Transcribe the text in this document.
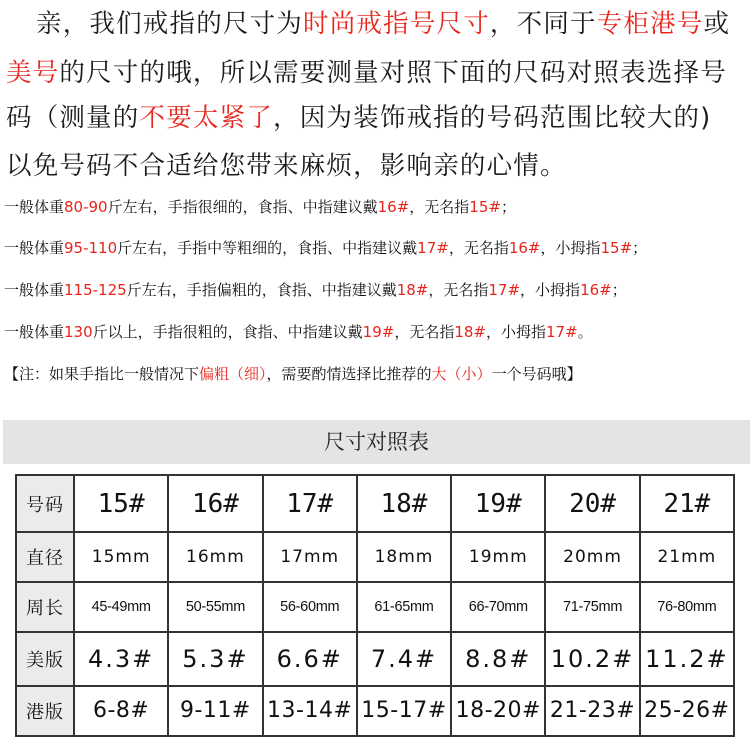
亲，我们戒指的尺寸为时尚戒指号尺寸，不同于专柜港号或
美号的尺寸的哦，所以需要测量对照下面的尺码对照表选择号
码（测量的不要太紧了，因为装饰戒指的号码范围比较大的)
以免号码不合适给您带来麻烦，影响亲的心情。
一般体重80-90斤左右，手指很细的，食指、中指建议戴16#，无名指15#；
一般体重95-110斤左右，手指中等粗细的，食指、中指建议戴17#，无名指16#，小拇指15#；
一般体重115-125斤左右，手指偏粗的，食指、中指建议戴18#，无名指17#，小拇指16#；
一般体重130斤以上，手指很粗的，食指、中指建议戴19#，无名指18#，小拇指17#。
【注：如果手指比一般情况下偏粗（细），需要酌情选择比推荐的大（小）一个号码哦】
尺寸对照表
号码	15#	16#	17#	18#	19#	20#	21#
直径	15mm	16mm	17mm	18mm	19mm	20mm	21mm
周长	45-49mm	50-55mm	56-60mm	61-65mm	66-70mm	71-75mm	76-80mm
美版	4.3#	5.3#	6.6#	7.4#	8.8#	10.2#	11.2#
港版	6-8#	9-11#	13-14#	15-17#	18-20#	21-23#	25-26#
